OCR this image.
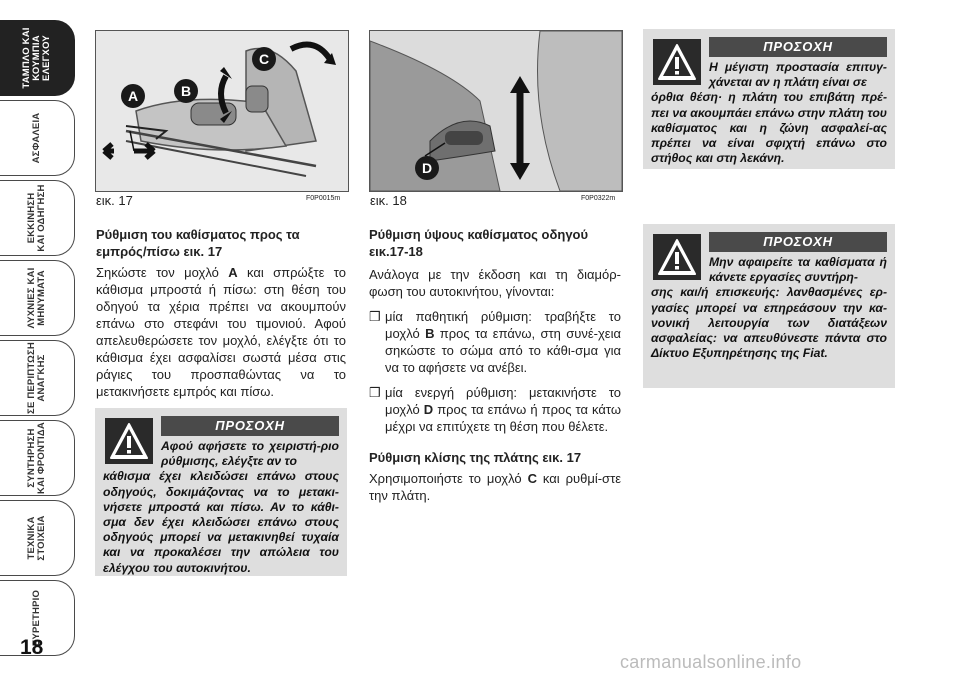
ΤΑΜΠΛΟ ΚΑΙ
ΚΟΥΜΠΙΑ
ΕΛΕΓΧΟΥ
ΑΣΦΑΛΕΙΑ
ΕΚΚΙΝΗΣΗ
ΚΑΙ ΟΔΗΓΗΣΗ
ΛΥΧΝΙΕΣ ΚΑΙ
ΜΗΝΥΜΑΤΑ
ΣΕ ΠΕΡΙΠΤΩΣΗ
ΑΝΑΓΚΗΣ
ΣΥΝΤΗΡΗΣΗ
ΚΑΙ ΦΡΟΝΤΙΔΑ
ΤΕΧΝΙΚΑ
ΣΤΟΙΧΕΙΑ
ΕΥΡΕΤΗΡΙΟ
18
A	B
C
εικ. 17	F0P0015m
D
εικ. 18	F0P0322m

Ρύθμιση του καθίσματος προς τα εμπρός/πίσω εικ. 17

Σηκώστε τον μοχλό A και σπρώξτε το κάθισμα μπροστά ή πίσω: στη θέση του οδηγού τα χέρια πρέπει να ακουμπούν επάνω στο στεφάνι του τιμονιού. Αφού απελευθερώσετε τον μοχλό, ελέγξτε ότι το κάθισμα έχει ασφαλίσει σωστά μέσα στις ράγιες του προσπαθώντας να το μετακινήσετε εμπρός και πίσω.

ΠΡΟΣΟΧΗ
Αφού αφήσετε το χειριστή-ριο ρύθμισης, ελέγξτε αν το
κάθισμα έχει κλειδώσει επάνω στους οδηγούς, δοκιμάζοντας να το μετακι-νήσετε μπροστά και πίσω. Αν το κάθι-σμα δεν έχει κλειδώσει επάνω στους οδηγούς μπορεί να μετακινηθεί τυχαία και να προκαλέσει την απώλεια του ελέγχου του αυτοκινήτου.

Ρύθμιση ύψους καθίσματος οδηγού εικ.17-18

Ανάλογα με την έκδοση και τη διαμόρ-φωση του αυτοκινήτου, γίνονται:

❒ μία παθητική ρύθμιση: τραβήξτε το μοχλό B προς τα επάνω, στη συνέ-χεια σηκώστε το σώμα από το κάθι-σμα για να το αφήσετε να ανέβει.
❒ μία ενεργή ρύθμιση: μετακινήστε το μοχλό D προς τα επάνω ή προς τα κάτω μέχρι να επιτύχετε τη θέση που θέλετε.

Ρύθμιση κλίσης της πλάτης εικ. 17

Χρησιμοποιήστε το μοχλό C και ρυθμί-στε την πλάτη.

ΠΡΟΣΟΧΗ
Η μέγιστη προστασία επιτυγ-χάνεται αν η πλάτη είναι σε
όρθια θέση· η πλάτη του επιβάτη πρέ-πει να ακουμπάει επάνω στην πλάτη του καθίσματος και η ζώνη ασφαλεί-ας πρέπει να είναι σφιχτή επάνω στο στήθος και στη λεκάνη.
ΠΡΟΣΟΧΗ
Μην αφαιρείτε τα καθίσματα ή κάνετε εργασίες συντήρη-
σης και/ή επισκευής: λανθασμένες ερ-γασίες μπορεί να επηρεάσουν την κα-νονική λειτουργία των διατάξεων ασφαλείας: να απευθύνεστε πάντα στο Δίκτυο Εξυπηρέτησης της Fiat.
carmanualsonline.info
